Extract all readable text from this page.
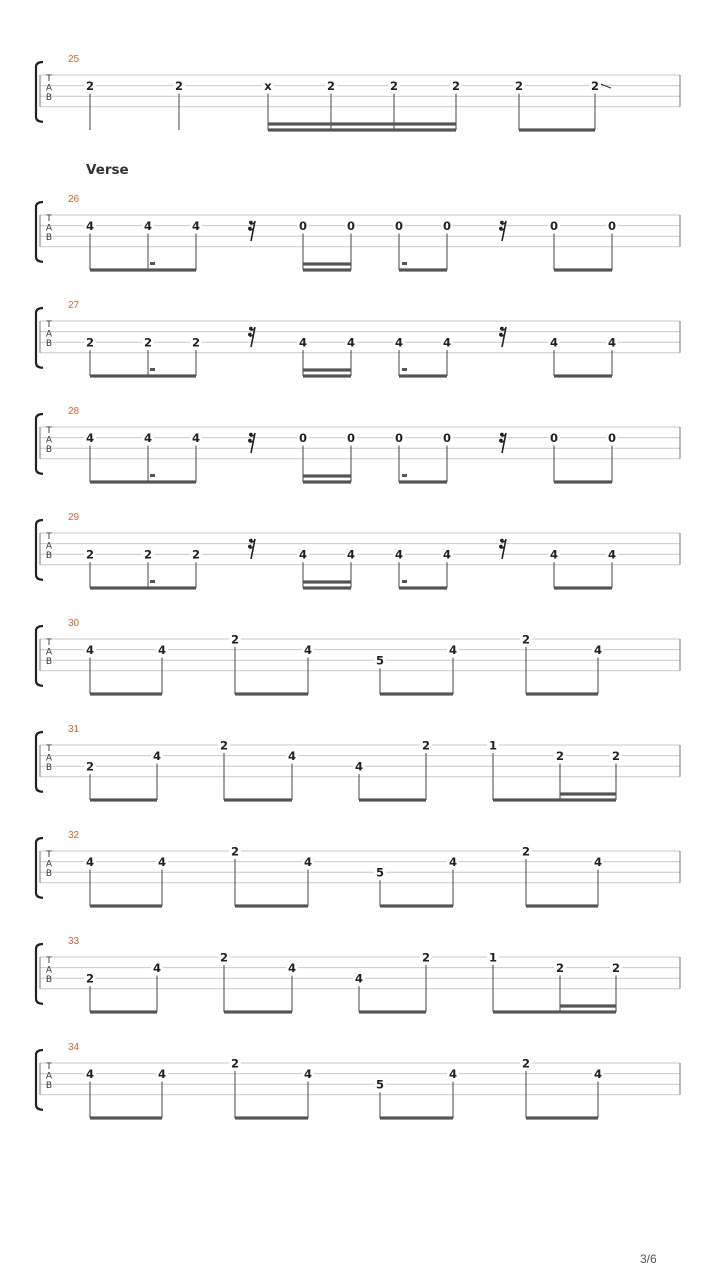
25
T
A
B
2	2	x	2	2	2	2	2
Verse
26
T
A
B
4	4	4	0	0	0	0	0	0
27
T
A
B	2	2	2	4	4	4	4	4	4
28
T
A
B
4	4	4	0	0	0	0	0	0
29
T
A
B	2	2	2	4	4	4	4	4	4
30
T
A
B
4	4
2
4
5
4
2
4
31
T
A
B	2
4
2
4
4
2	1
2	2
32
T
A
B
4	4
2
4
5
4
2
4
33
T
A
B	2
4
2
4
4
2	1
2	2
34
T
A
B
4	4
2
4
5
4
2
4
3/6
